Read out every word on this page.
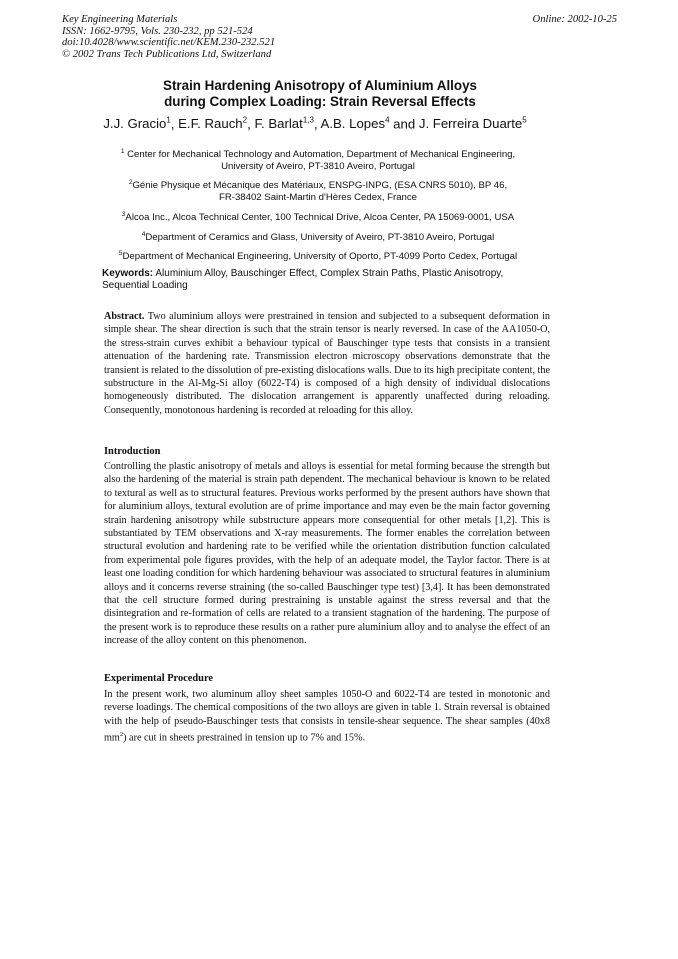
Key Engineering Materials
ISSN: 1662-9795, Vols. 230-232, pp 521-524
doi:10.4028/www.scientific.net/KEM.230-232.521
© 2002 Trans Tech Publications Ltd, Switzerland
Online: 2002-10-25
Strain Hardening Anisotropy of Aluminium Alloys
during Complex Loading: Strain Reversal Effects
J.J. Gracio$^1$, E.F. Rauch$^2$, F. Barlat$^{1,3}$, A.B. Lopes$^4$ and J. Ferreira Duarte$^5$
$^1$ Center for Mechanical Technology and Automation, Department of Mechanical Engineering,
University of Aveiro, PT-3810 Aveiro, Portugal
$^2$Génie Physique et Mécanique des Matériaux, ENSPG-INPG, (ESA CNRS 5010), BP 46,
FR-38402 Saint-Martin d'Hères Cedex, France
$^3$Alcoa Inc., Alcoa Technical Center, 100 Technical Drive, Alcoa Center, PA 15069-0001, USA
$^4$Department of Ceramics and Glass, University of Aveiro, PT-3810 Aveiro, Portugal
$^5$Department of Mechanical Engineering, University of Oporto, PT-4099 Porto Cedex, Portugal
Keywords: Aluminium Alloy, Bauschinger Effect, Complex Strain Paths, Plastic Anisotropy, Sequential Loading
Abstract. Two aluminium alloys were prestrained in tension and subjected to a subsequent deformation in simple shear. The shear direction is such that the strain tensor is nearly reversed. In case of the AA1050-O, the stress-strain curves exhibit a behaviour typical of Bauschinger type tests that consists in a transient attenuation of the hardening rate. Transmission electron microscopy observations demonstrate that the transient is related to the dissolution of pre-existing dislocations walls. Due to its high precipitate content, the substructure in the Al-Mg-Si alloy (6022-T4) is composed of a high density of individual dislocations homogeneously distributed. The dislocation arrangement is apparently unaffected during reloading. Consequently, monotonous hardening is recorded at reloading for this alloy.
Introduction
Controlling the plastic anisotropy of metals and alloys is essential for metal forming because the strength but also the hardening of the material is strain path dependent. The mechanical behaviour is known to be related to textural as well as to structural features. Previous works performed by the present authors have shown that for aluminium alloys, textural evolution are of prime importance and may even be the main factor governing strain hardening anisotropy while substructure appears more consequential for other metals [1,2]. This is substantiated by TEM observations and X-ray measurements. The former enables the correlation between structural evolution and hardening rate to be verified while the orientation distribution function calculated from experimental pole figures provides, with the help of an adequate model, the Taylor factor. There is at least one loading condition for which hardening behaviour was associated to structural features in aluminium alloys and it concerns reverse straining (the so-called Bauschinger type test) [3,4]. It has been demonstrated that the cell structure formed during prestraining is unstable against the stress reversal and that the disintegration and re-formation of cells are related to a transient stagnation of the hardening. The purpose of the present work is to reproduce these results on a rather pure aluminium alloy and to analyse the effect of an increase of the alloy content on this phenomenon.
Experimental Procedure
In the present work, two aluminum alloy sheet samples 1050-O and 6022-T4 are tested in monotonic and reverse loadings. The chemical compositions of the two alloys are given in table 1. Strain reversal is obtained with the help of pseudo-Bauschinger tests that consists in tensile-shear sequence. The shear samples (40x8 $mm^2$) are cut in sheets prestrained in tension up to 7% and 15%.
